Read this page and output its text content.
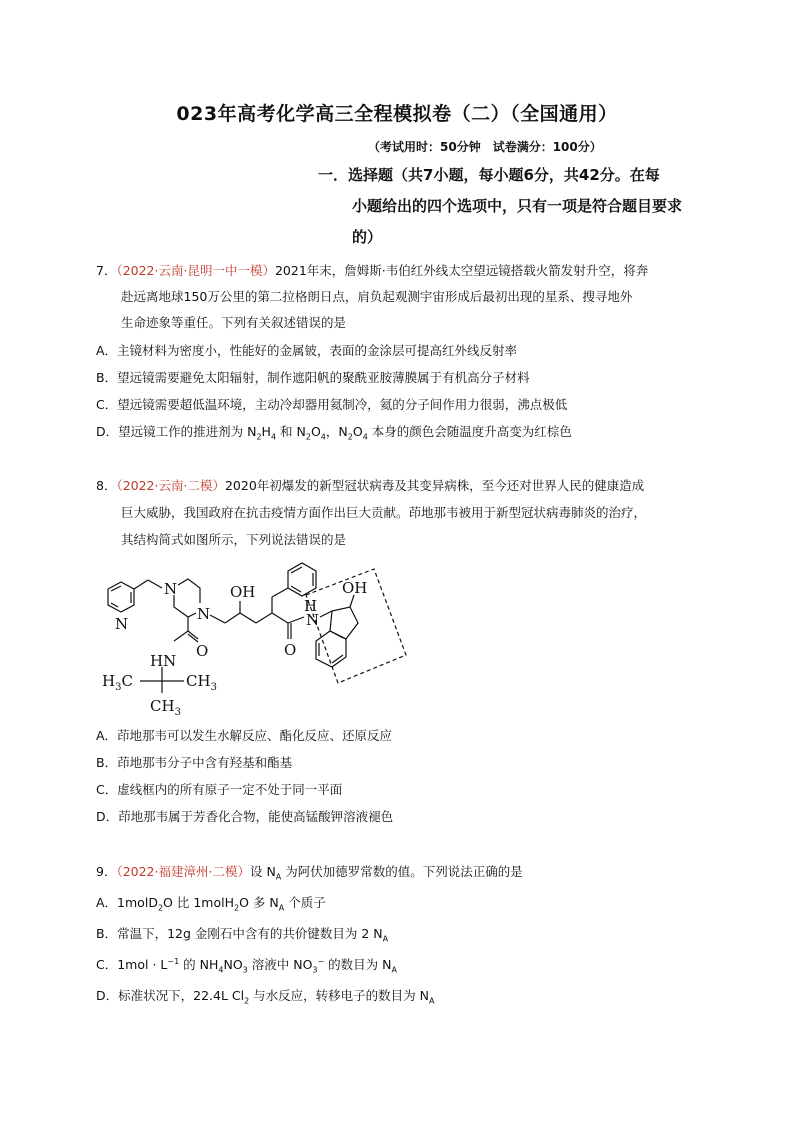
023年高考化学高三全程模拟卷（二）（全国通用）
（考试用时：50分钟　试卷满分：100分）
一．选择题（共7小题，每小题6分，共42分。在每
小题给出的四个选项中，只有一项是符合题目要求
的）
7．（2022·云南·昆明一中一模）2021年末，詹姆斯·韦伯红外线太空望远镜搭载火箭发射升空，将奔
赴远离地球150万公里的第二拉格朗日点，肩负起观测宇宙形成后最初出现的星系、搜寻地外
生命迹象等重任。下列有关叙述错误的是
A．主镜材料为密度小，性能好的金属铍，表面的金涂层可提高红外线反射率
B．望远镜需要避免太阳辐射，制作遮阳帆的聚酰亚胺薄膜属于有机高分子材料
C．望远镜需要超低温环境，主动冷却器用氦制冷，氦的分子间作用力很弱，沸点极低
D．望远镜工作的推进剂为 $N_2H_4$ 和 $N_2O_4$，$N_2O_4$ 本身的颜色会随温度升高变为红棕色
8．（2022·云南·二模）2020年初爆发的新型冠状病毒及其变异病株，至今还对世界人民的健康造成
巨大威胁，我国政府在抗击疫情方面作出巨大贡献。茚地那韦被用于新型冠状病毒肺炎的治疗，
其结构简式如图所示，下列说法错误的是
N
N
N
OH
H
N
O
OH
HN
O
$H_3C$	$CH_3$
$CH_3$
A．茚地那韦可以发生水解反应、酯化反应、还原反应
B．茚地那韦分子中含有羟基和酯基
C．虚线框内的所有原子一定不处于同一平面
D．茚地那韦属于芳香化合物，能使高锰酸钾溶液褪色
9．（2022·福建漳州·二模）设 $N_A$ 为阿伏加德罗常数的值。下列说法正确的是
A．1molD$_2$O 比 1molH$_2$O 多 $N_A$ 个质子
B．常温下，12g 金刚石中含有的共价键数目为 2 $N_A$
C．$1mol \cdot L^{-1}$ 的 $NH_4NO_3$ 溶液中 $NO_3^-$ 的数目为 $N_A$
D．标准状况下，22.4L $Cl_2$ 与水反应，转移电子的数目为 $N_A$
